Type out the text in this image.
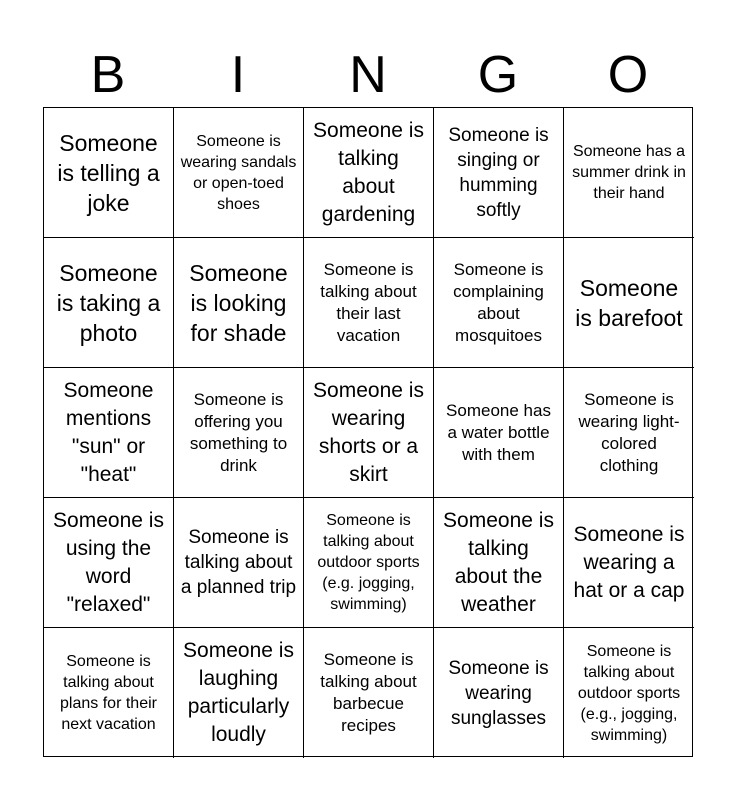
B	I	N	G	O
Someone is telling a joke
Someone is wearing sandals or open-toed shoes
Someone is talking about gardening
Someone is singing or humming softly
Someone has a summer drink in their hand
Someone is taking a photo
Someone is looking for shade
Someone is talking about their last vacation
Someone is complaining about mosquitoes
Someone is barefoot
Someone mentions "sun" or "heat"
Someone is offering you something to drink
Someone is wearing shorts or a skirt
Someone has a water bottle with them
Someone is wearing light-colored clothing
Someone is using the word "relaxed"
Someone is talking about a planned trip
Someone is talking about outdoor sports (e.g. jogging, swimming)
Someone is talking about the weather
Someone is wearing a hat or a cap
Someone is talking about plans for their next vacation
Someone is laughing particularly loudly
Someone is talking about barbecue recipes
Someone is wearing sunglasses
Someone is talking about outdoor sports (e.g., jogging, swimming)
